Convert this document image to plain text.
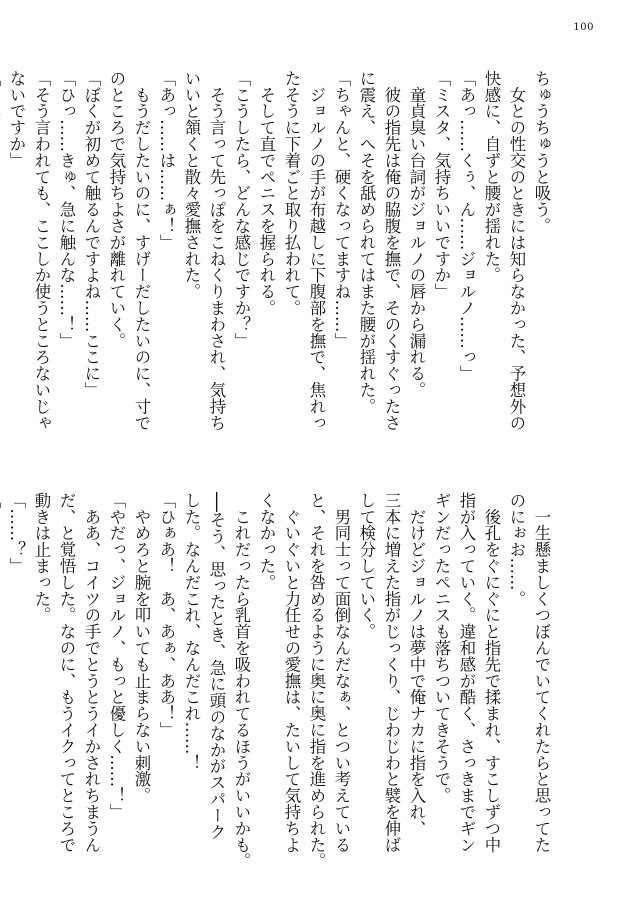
100
ちゅうちゅうと吸う。
　女との性交のときには知らなかった、予想外の
快感に、自ずと腰が揺れた。
「あっ……くぅ、ん……ジョルノ……っ」
「ミスタ、気持ちいいですか」
　童貞臭い台詞がジョルノの唇から漏れる。
　彼の指先は俺の脇腹を撫で、そのくすぐったさ
に震え、へそを舐められてはまた腰が揺れた。
「ちゃんと、硬くなってますね……」
　ジョルノの手が布越しに下腹部を撫で、焦れっ
たそうに下着ごと取り払われて。
　そして直でペニスを握られる。
「こうしたら、どんな感じですか？」
　そう言って先っぽをこねくりまわされ、気持ち
いいと頷くと散々愛撫された。
「あっ……は……ぁ！」
　もうだしたいのに、すげーだしたいのに、寸で
のところで気持ちよさが離れていく。
「ぼくが初めて触るんですよね……ここに」
「ひっ……きゅ、急に触んな……！」
「そう言われても、ここしか使うところないじゃ
ないですか」
　一生懸ましくつぼんでいてくれたらと思ってた
のにぉお……。
　後孔をぐにぐにと指先で揉まれ、すこしずつ中
指が入っていく。違和感が酷く、さっきまでギン
ギンだったペニスも落ちついてきそうで。
　だけどジョルノは夢中で俺ナカに指を入れ、
三本に増えた指がじっくり、じわじわと襞を伸ば
して検分していく。
　男同士って面倒なんだなぁ、とつい考えている
と、それを咎めるように奥に奥に指を進められた。
　ぐいぐいと力任せの愛撫は、たいして気持ちよ
くなかった。
　これだったら乳首を吸われてるほうがいいかも。
──そう、思ったとき、急に頭のなかがスパーク
した。なんだこれ、なんだこれ……！
「ひぁあ！　あ、あぁ、ああ！」
　やめろと腕を叩いても止まらない刺激。
「やだっ、ジョルノ、もっと優しく……！」
　ああ、コイツの手でとうとうイかされちまうん
だ、と覚悟した。なのに、もうイクってところで
動きは止まった。
「……？」
